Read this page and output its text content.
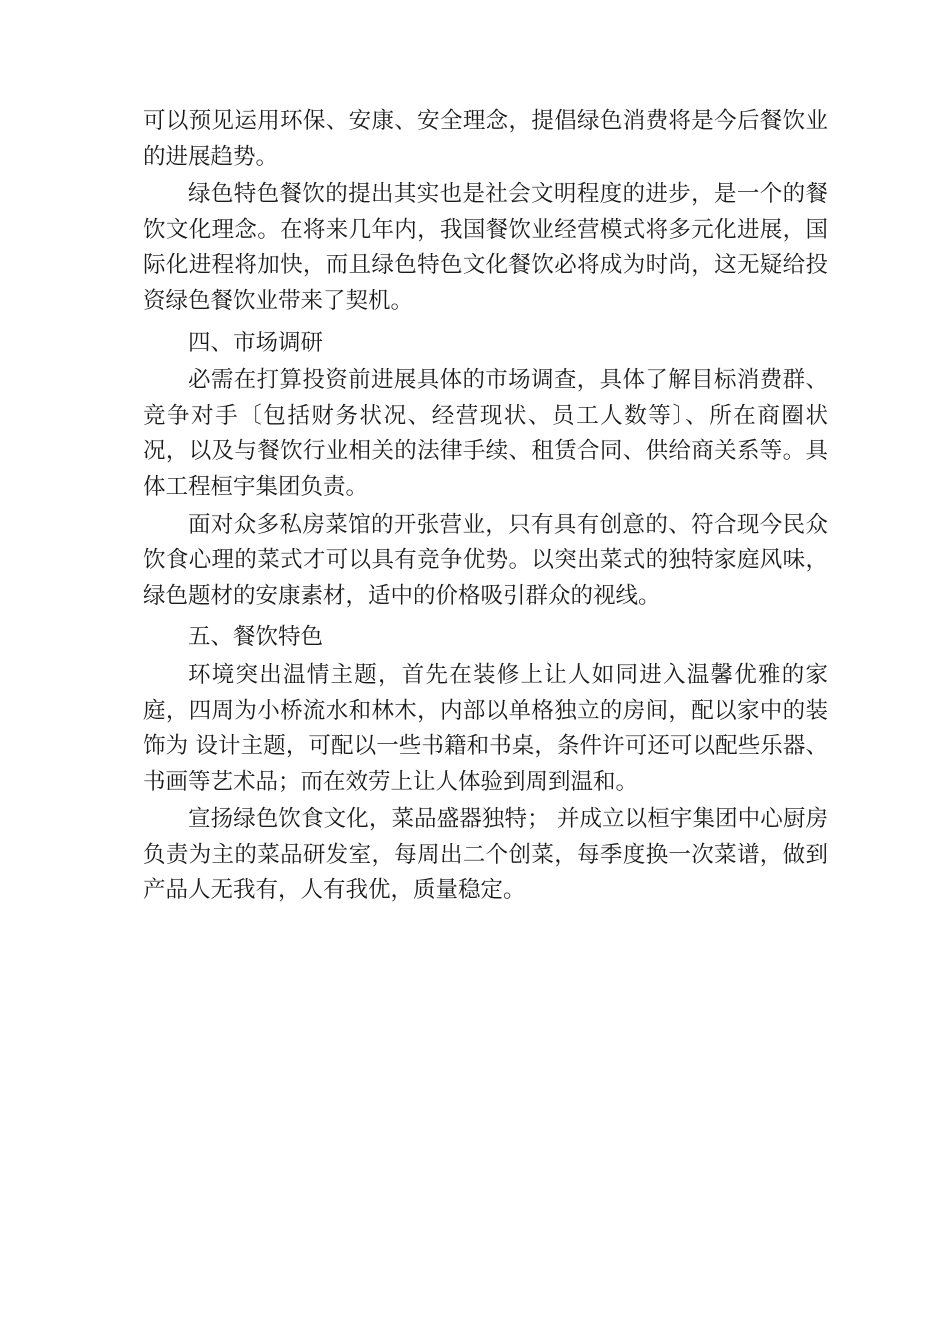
可以预见运用环保、安康、安全理念，提倡绿色消费将是今后餐饮业的进展趋势。

绿色特色餐饮的提出其实也是社会文明程度的进步，是一个的餐饮文化理念。在将来几年内，我国餐饮业经营模式将多元化进展，国际化进程将加快，而且绿色特色文化餐饮必将成为时尚，这无疑给投资绿色餐饮业带来了契机。

四、市场调研

必需在打算投资前进展具体的市场调查，具体了解目标消费群、竞争对手〔包括财务状况、经营现状、员工人数等〕、所在商圈状况，以及与餐饮行业相关的法律手续、租赁合同、供给商关系等。具体工程桓宇集团负责。

面对众多私房菜馆的开张营业，只有具有创意的、符合现今民众饮食心理的菜式才可以具有竞争优势。以突出菜式的独特家庭风味，绿色题材的安康素材，适中的价格吸引群众的视线。

五、餐饮特色

环境突出温情主题，首先在装修上让人如同进入温馨优雅的家庭，四周为小桥流水和林木，内部以单格独立的房间，配以家中的装饰为 设计主题，可配以一些书籍和书桌，条件许可还可以配些乐器、书画等艺术品；而在效劳上让人体验到周到温和。

宣扬绿色饮食文化，菜品盛器独特； 并成立以桓宇集团中心厨房负责为主的菜品研发室，每周出二个创菜，每季度换一次菜谱，做到产品人无我有，人有我优，质量稳定。
